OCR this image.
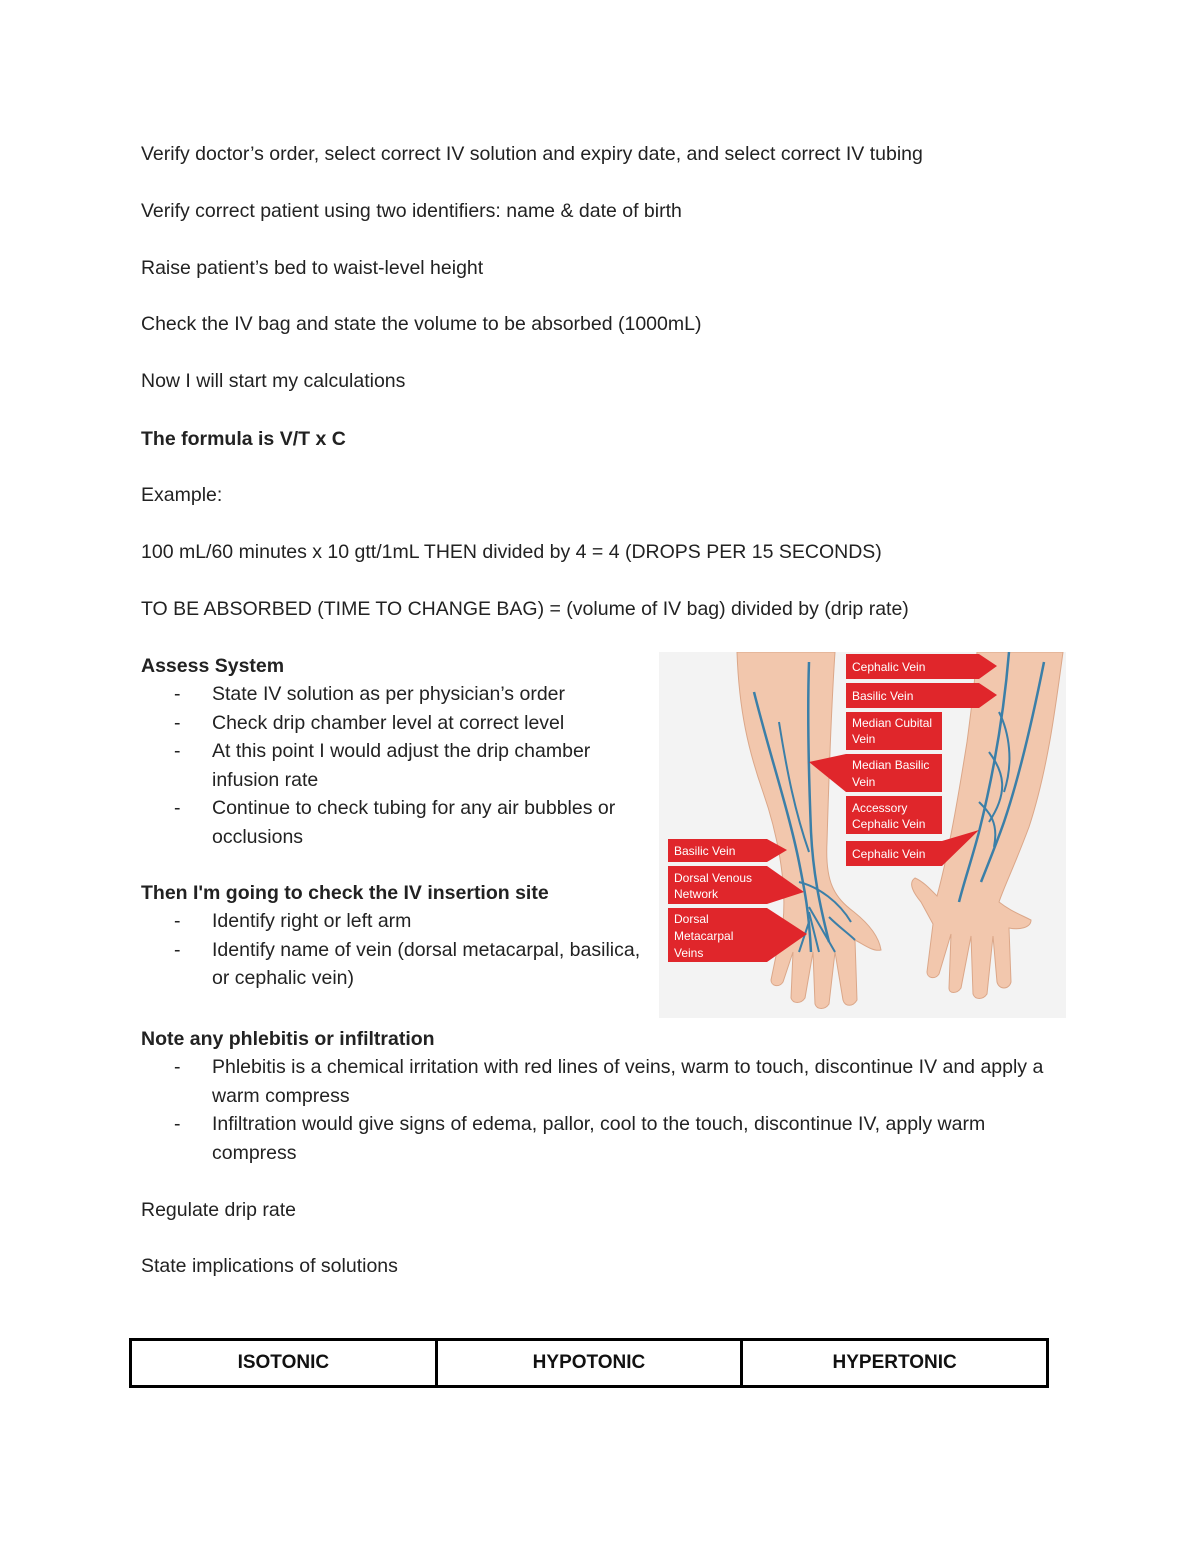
Verify doctor’s order, select correct IV solution and expiry date, and select correct IV tubing
Verify correct patient using two identifiers: name & date of birth
Raise patient’s bed to waist-level height
Check the IV bag and state the volume to be absorbed (1000mL)
Now I will start my calculations
The formula is V/T x C
Example:
100 mL/60 minutes x 10 gtt/1mL THEN divided by 4 = 4 (DROPS PER 15 SECONDS)
TO BE ABSORBED (TIME TO CHANGE BAG) = (volume of IV bag) divided by (drip rate)
Assess System
- State IV solution as per physician’s order
- Check drip chamber level at correct level
- At this point I would adjust the drip chamber infusion rate
- Continue to check tubing for any air bubbles or occlusions
Then I'm going to check the IV insertion site
- Identify right or left arm
- Identify name of vein (dorsal metacarpal, basilica, or cephalic vein)
Note any phlebitis or infiltration
- Phlebitis is a chemical irritation with red lines of veins, warm to touch, discontinue IV and apply a warm compress
- Infiltration would give signs of edema, pallor, cool to the touch, discontinue IV, apply warm compress
Regulate drip rate
State implications of solutions
Cephalic Vein
Basilic Vein
Median Cubital
Vein
Median Basilic
Vein
Accessory
Cephalic Vein
Cephalic Vein
Basilic Vein
Dorsal Venous
Network
Dorsal
Metacarpal
Veins
ISOTONIC	HYPOTONIC	HYPERTONIC
